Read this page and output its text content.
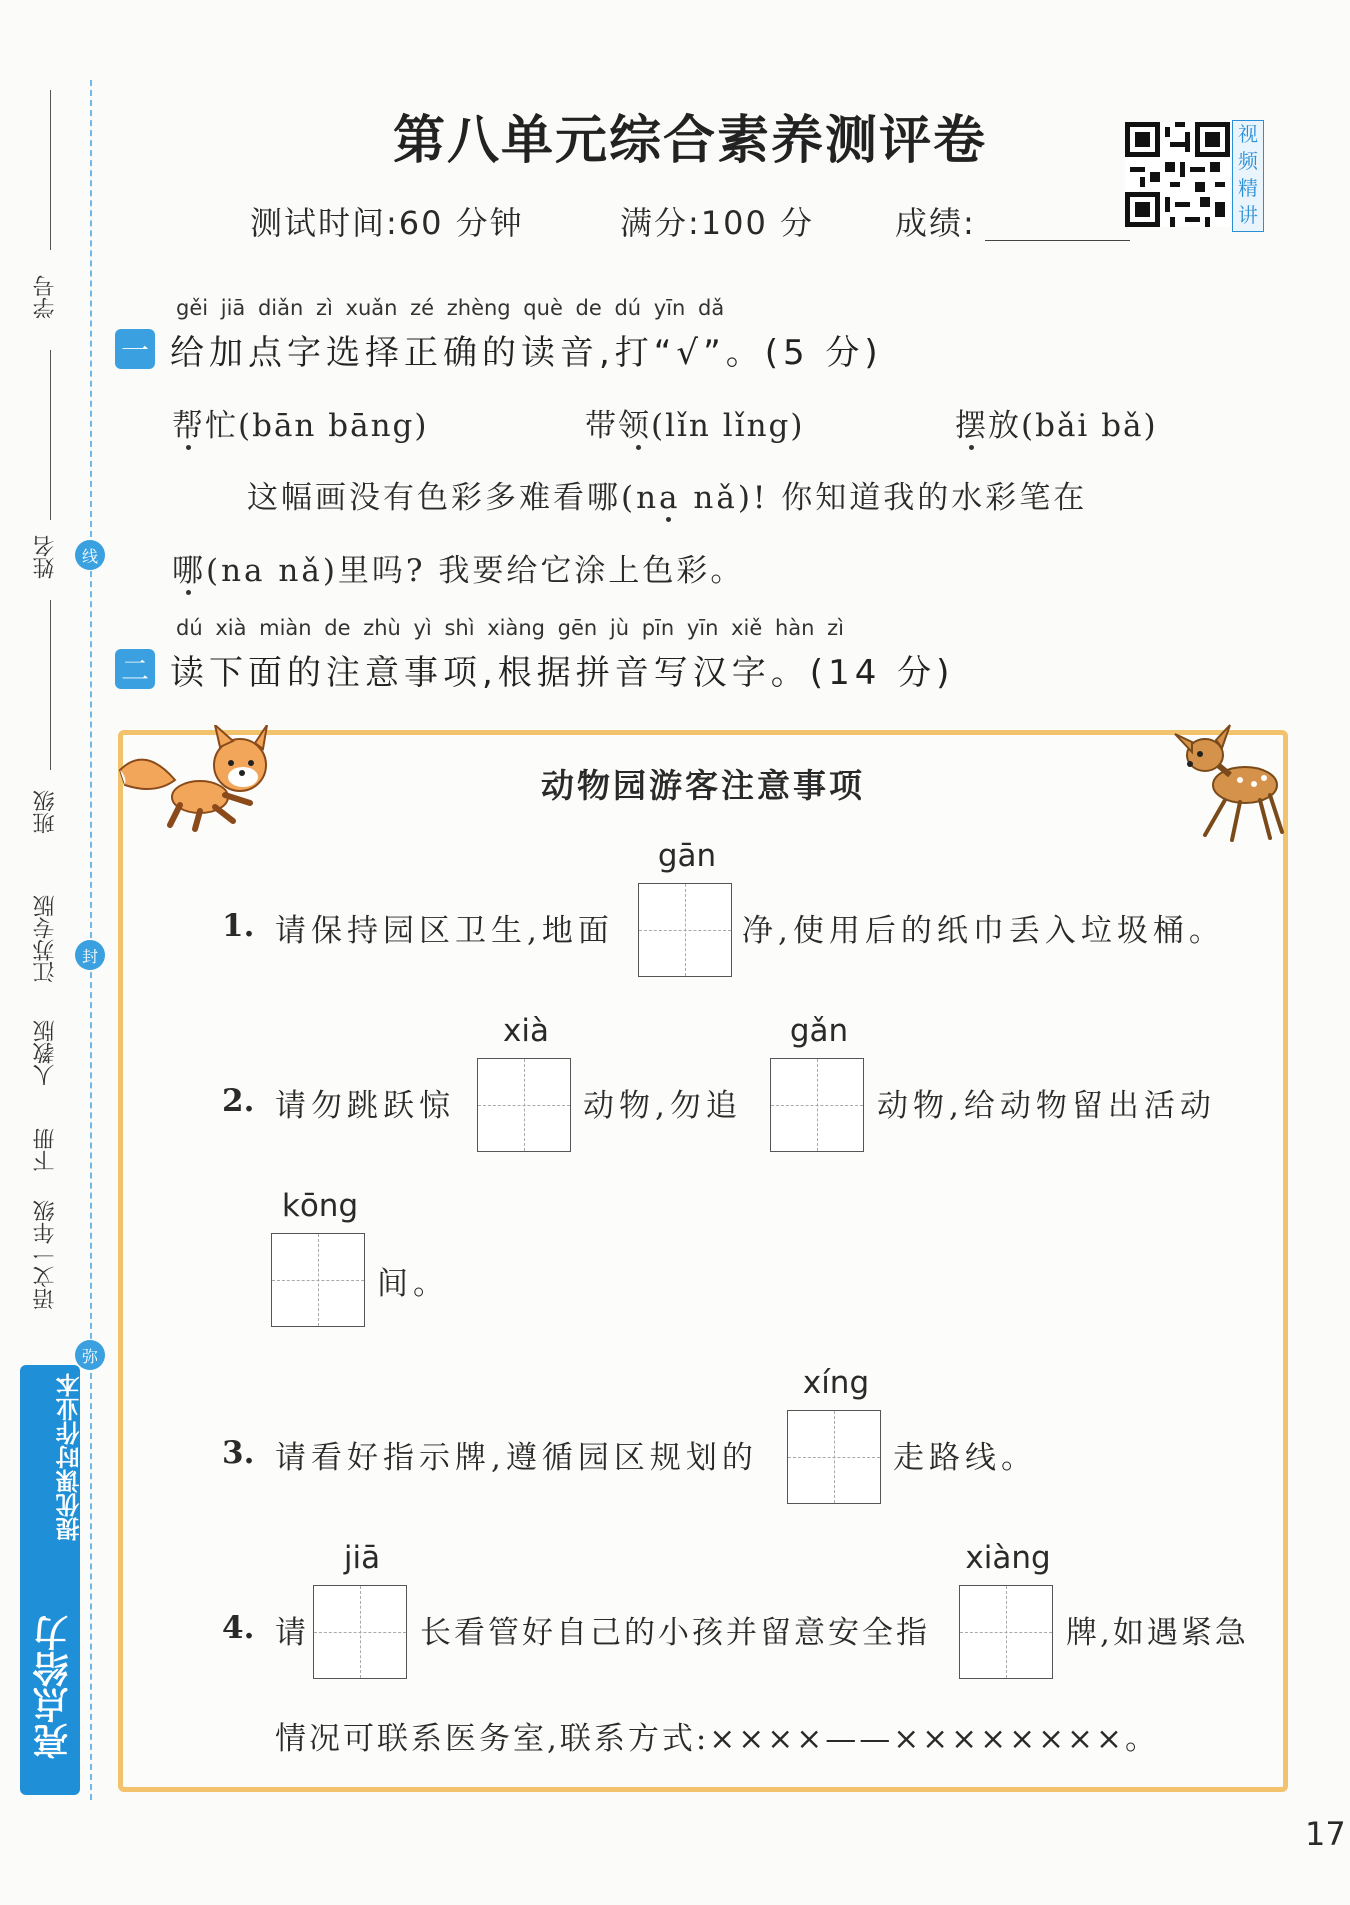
学号
姓名	线
班级
江苏专版	封
人教版
下册
语文一年级
弥
亮点给力
提优课时作业本
第八单元综合素养测评卷
测试时间:60 分钟	满分:100 分	成绩:
视
频
精
讲
gěi jiā diǎn zì xuǎn zé zhèng què de dú yīn dǎ
一 给加点字选择正确的读音,打“√”。(5 分)
帮忙(bān bāng)	带领(lǐn lǐng)	摆放(bǎi bǎ)
这幅画没有色彩多难看哪(na nǎ)! 你知道我的水彩笔在
哪(na nǎ)里吗? 我要给它涂上色彩。
dú xià miàn de zhù yì shì xiàng gēn jù pīn yīn xiě hàn zì
二 读下面的注意事项,根据拼音写汉字。(14 分)
动物园游客注意事项
1. 请保持园区卫生,地面
gān
净,使用后的纸巾丢入垃圾桶。
2. 请勿跳跃惊
xià
动物,勿追
gǎn
动物,给动物留出活动
kōng
间。
3. 请看好指示牌,遵循园区规划的
xíng
走路线。
4. 请
jiā
长看管好自己的小孩并留意安全指
xiàng
牌,如遇紧急
情况可联系医务室,联系方式:××××——××××××××。
17
